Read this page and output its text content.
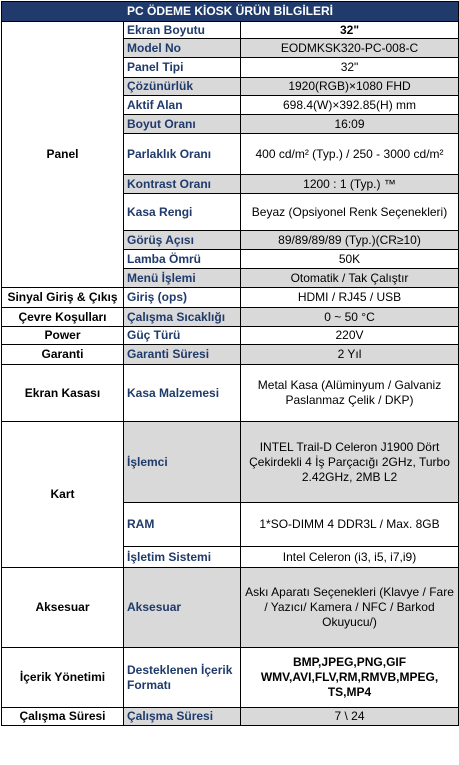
PC ÖDEME KİOSK ÜRÜN BİLGİLERİ		
Panel	Ekran Boyutu	32"
	Model No	EODMKSK320-PC-008-C
	Panel Tipi	32"
	Çözünürlük	1920(RGB)×1080 FHD
	Aktif Alan	698.4(W)×392.85(H) mm
	Boyut Oranı	16:09
	Parlaklık Oranı	400 cd/m² (Typ.) / 250 - 3000 cd/m²
	Kontrast Oranı	1200 : 1 (Typ.) ™
	Kasa Rengi	Beyaz (Opsiyonel Renk Seçenekleri)
	Görüş Açısı	89/89/89/89 (Typ.)(CR≥10)
	Lamba Ömrü	50K
	Menü İşlemi	Otomatik / Tak Çalıştır
Sinyal Giriş & Çıkış	Giriş (ops)	HDMI / RJ45 / USB
Çevre Koşulları	Çalışma Sıcaklığı	0 ~ 50 °C
Power	Güç Türü	220V
Garanti	Garanti Süresi	2 Yıl
Ekran Kasası	Kasa Malzemesi	Metal Kasa (Alüminyum / Galvaniz Paslanmaz Çelik / DKP)
Kart	İşlemci	INTEL Trail-D Celeron J1900 Dört Çekirdekli 4 İş Parçacığı 2GHz, Turbo 2.42GHz, 2MB L2
	RAM	1*SO-DIMM 4 DDR3L / Max. 8GB
	İşletim Sistemi	Intel Celeron (i3, i5, i7,i9)
Aksesuar	Aksesuar	Askı Aparatı Seçenekleri (Klavye / Fare / Yazıcı/ Kamera / NFC / Barkod Okuyucu/)
İçerik Yönetimi	Desteklenen İçerik Formatı	BMP,JPEG,PNG,GIF WMV,AVI,FLV,RM,RMVB,MPEG, TS,MP4
Çalışma Süresi	Çalışma Süresi	7 \ 24
